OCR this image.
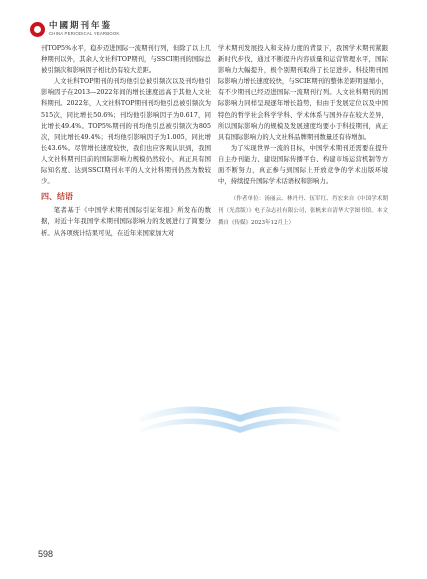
中國期刊年鉴
CHINA PERIODICAL YEARBOOK

刊TOP5%水平，稳步迈进国际一流期刊行列，但除了以上几种期刊以外，其余人文社科TOP期刊，与SSCI期刊的国际总被引频次和影响因子相比仍有较大差距。

人文社科TOP期刊的刊均他引总被引频次以及刊均他引影响因子在2013—2022年间的增长速度远高于其他人文社科期刊。2022年，人文社科TOP期刊刊均他引总被引频次为515次，同比增长50.6%；刊均他引影响因子为0.617，同比增长49.4%。TOP5%期刊的刊均他引总被引频次为805次，同比增长49.4%；刊均他引影响因子为1.005，同比增长43.6%。尽管增长速度较快，我们也应客观认识到，我国人文社科期刊目前的国际影响力规模仍然较小，真正具有国际知名度、达到SSCI期刊水平的人文社科期刊仍然为数较少。

四、结语

笔者基于《中国学术期刊国际引证年报》所发布的数据，对近十年我国学术期刊国际影响力的发展进行了简要分析。从各项统计结果可见，在近年来国家加大对

学术期刊发展投入和支持力度的背景下，我国学术期刊紧跟新时代步伐，通过不断提升内容质量和运营管理水平，国际影响力大幅提升，极个别期刊取得了长足进步。科技期刊国际影响力增长速度较快，与SCIE期刊的整体差距明显缩小，有不少期刊已经迈进国际一流期刊行列。人文社科期刊的国际影响力同样呈现逐年增长趋势，但由于发展定位以及中国特色的哲学社会科学学科、学术体系与国外存在较大差异，所以国际影响力的规模及发展速度均要小于科技期刊，真正具有国际影响力的人文社科品牌期刊数量还有待增加。

为了实现世界一流的目标，中国学术期刊还需要在提升自主办刊能力、建设国际传播平台、构建市场运营机制等方面不断努力，真正参与到国际上开放竞争的学术出版环境中，持续提升国际学术话语权和影响力。

（作者单位：汤丽云、林丹丹、伍军红、肖宏来自《中国学术期刊（光盘版）》电子杂志社有限公司，张帆来自清华大学图书馆。本文撰自《传媒》2023年12月上）

598
